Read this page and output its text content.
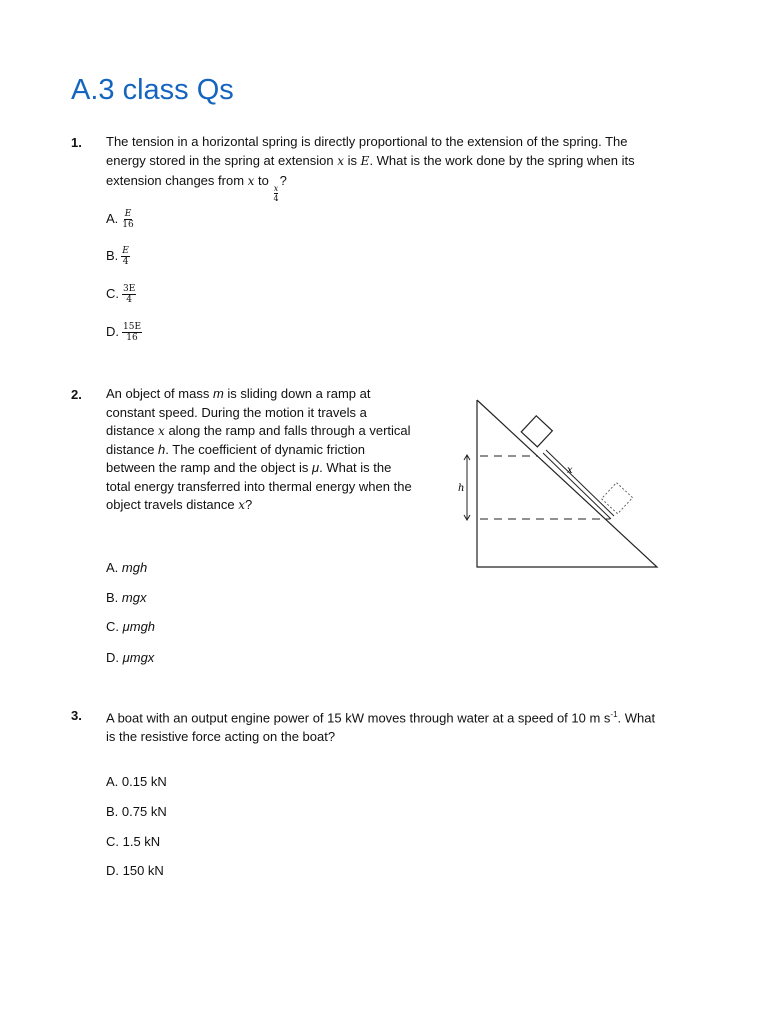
A.3 class Qs
1. The tension in a horizontal spring is directly proportional to the extension of the spring. The
energy stored in the spring at extension x is E. What is the work done by the spring when its
extension changes from x to
$\frac{x}{4}$
?
A. $\frac{E}{16}$
B. $\frac{E}{4}$
C. $\frac{3E}{4}$
D. $\frac{15E}{16}$
2. An object of mass m is sliding down a ramp at
constant speed. During the motion it travels a
distance x along the ramp and falls through a vertical
distance h. The coefficient of dynamic friction
between the ramp and the object is μ. What is the
total energy transferred into thermal energy when the
object travels distance x?
h
x
A. mgh
B. mgx
C. μmgh
D. μmgx
3. A boat with an output engine power of 15 kW moves through water at a speed of 10 m $s^{-1}$. What
is the resistive force acting on the boat?
A. 0.15 kN
B. 0.75 kN
C. 1.5 kN
D. 150 kN
